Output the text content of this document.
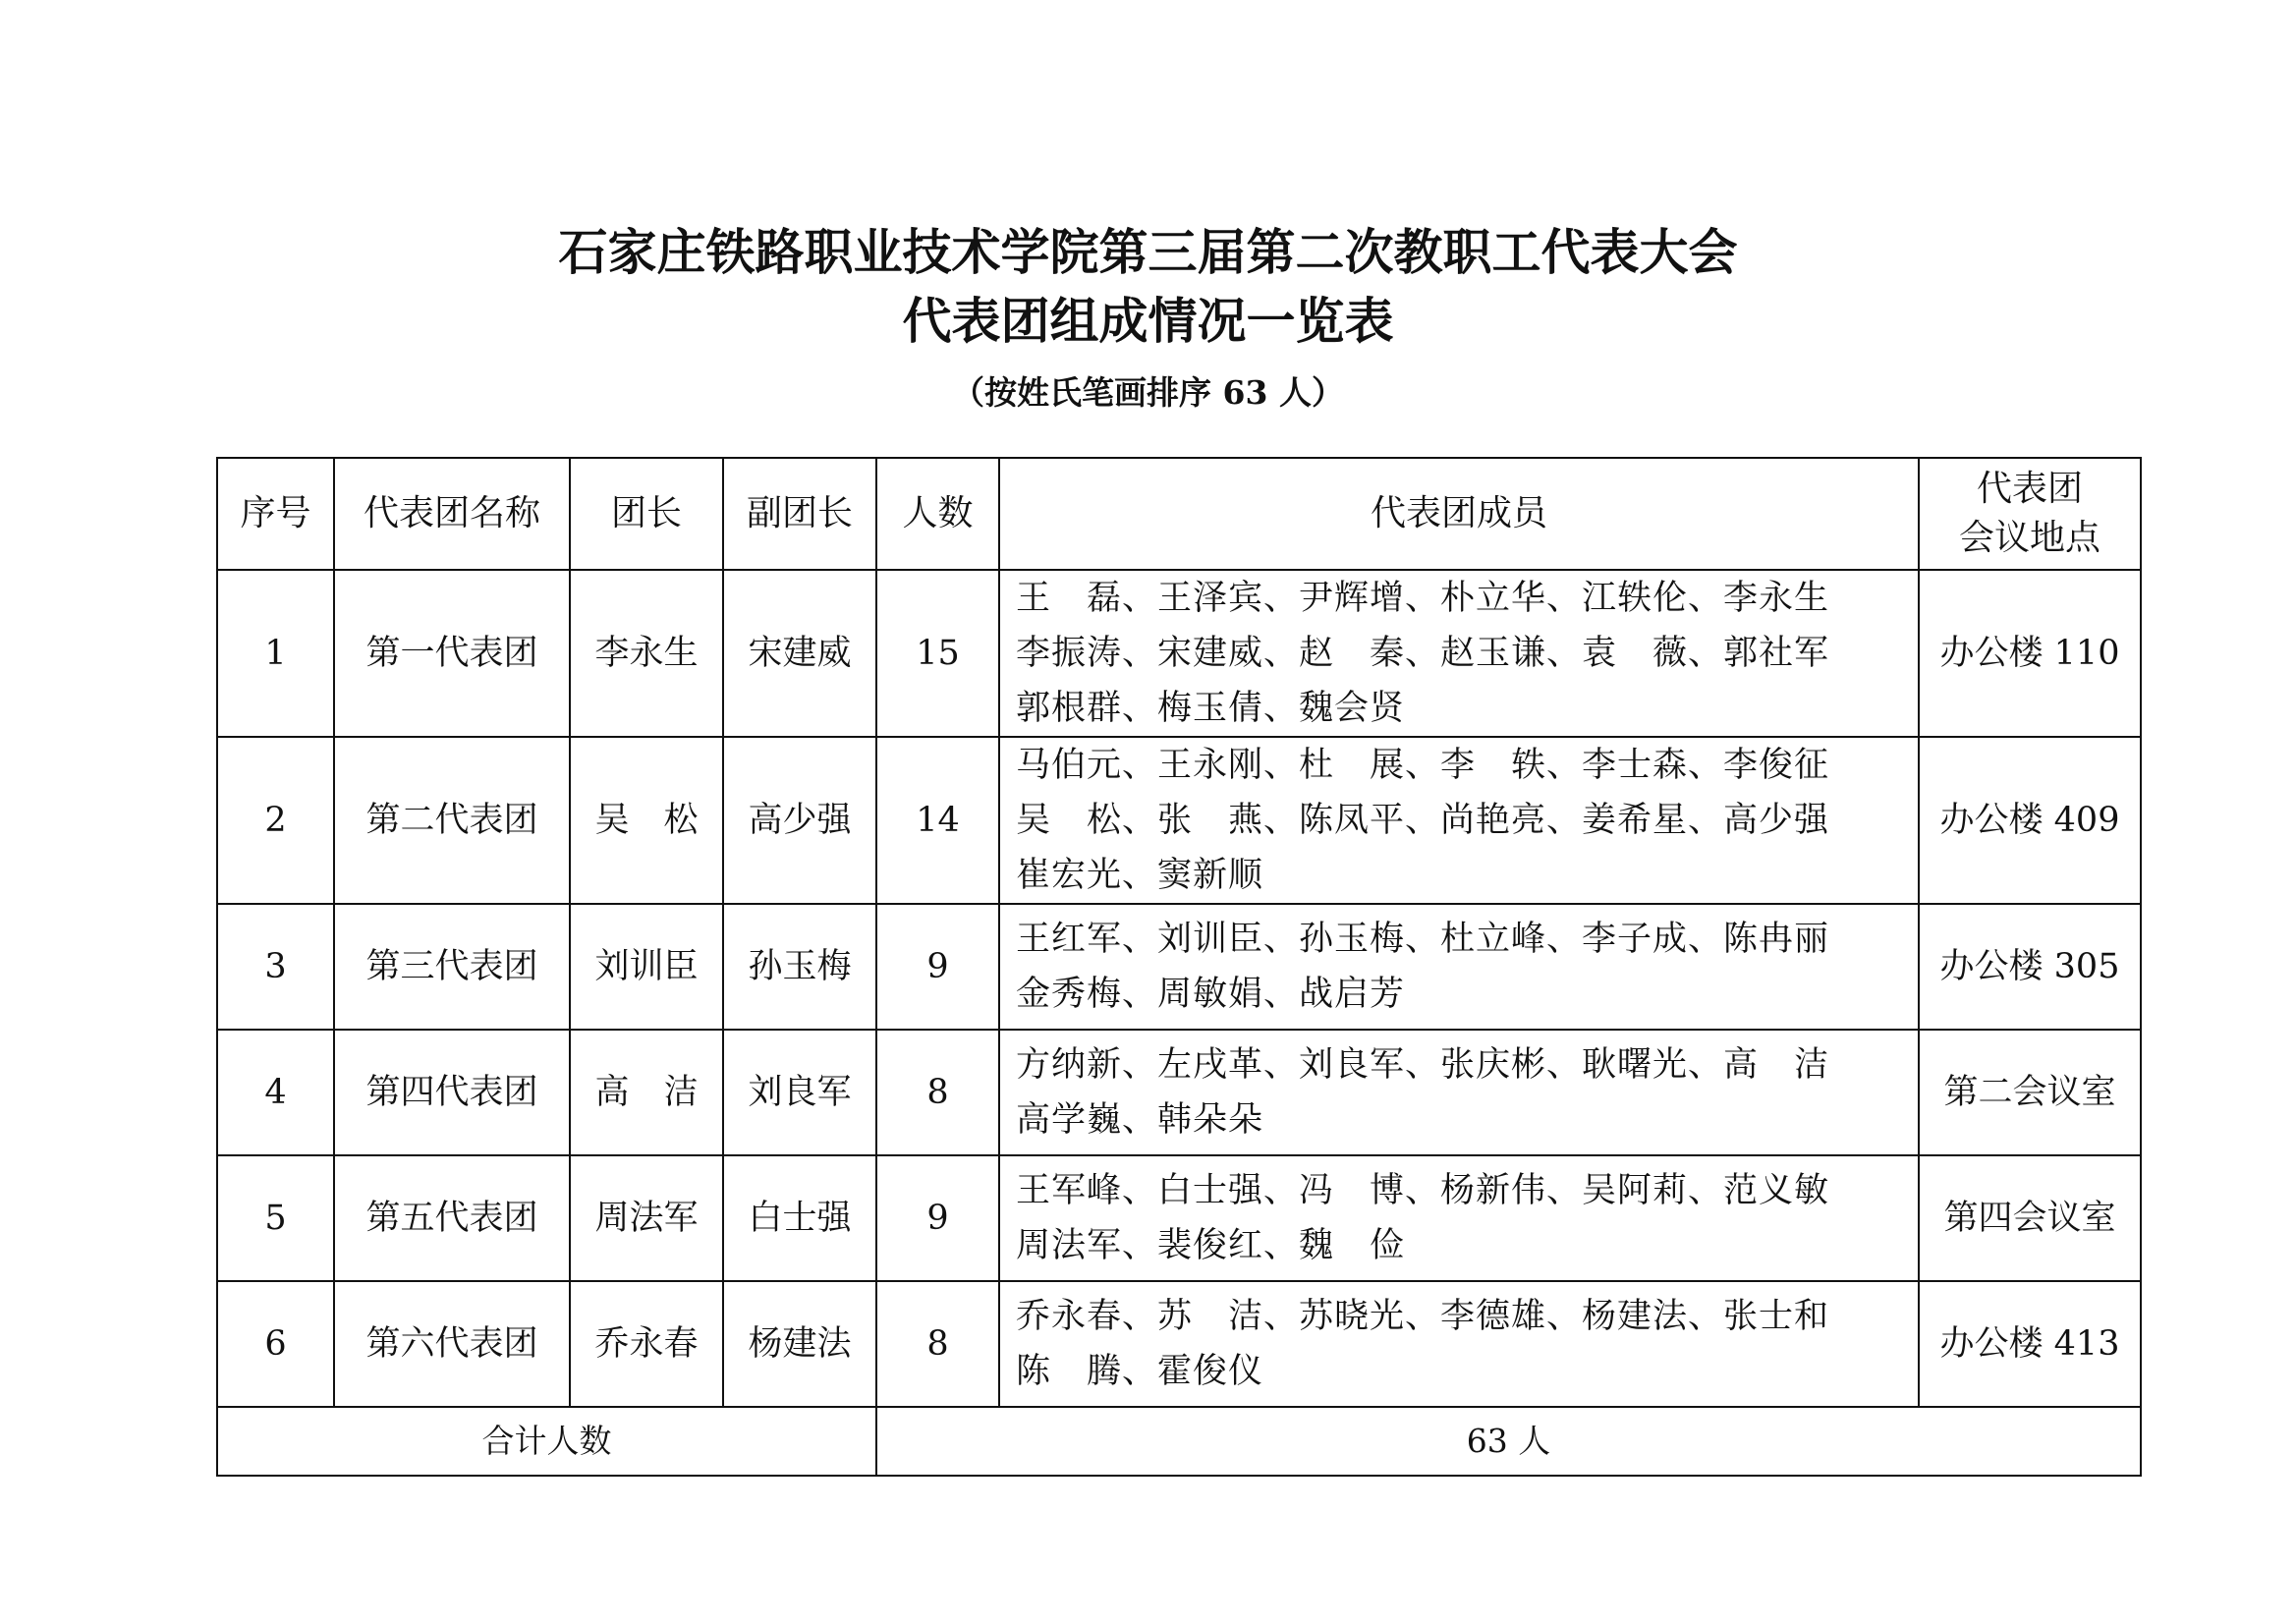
石家庄铁路职业技术学院第三届第二次教职工代表大会
代表团组成情况一览表
（按姓氏笔画排序 63 人）
序号	代表团名称	团长	副团长	人数	代表团成员	代表团
会议地点

1	第一代表团	李永生	宋建威	15	王　磊、王泽宾、尹辉增、朴立华、江轶伦、李永生
李振涛、宋建威、赵　秦、赵玉谦、袁　薇、郭社军
郭根群、梅玉倩、魏会贤	办公楼 110
2	第二代表团	吴　松	高少强	14	马伯元、王永刚、杜　展、李　轶、李士森、李俊征
吴　松、张　燕、陈凤平、尚艳亮、姜希星、高少强
崔宏光、窦新顺	办公楼 409
3	第三代表团	刘训臣	孙玉梅	9	王红军、刘训臣、孙玉梅、杜立峰、李子成、陈冉丽
金秀梅、周敏娟、战启芳	办公楼 305
4	第四代表团	高　洁	刘良军	8	方纳新、左戌革、刘良军、张庆彬、耿曙光、高　洁
高学巍、韩朵朵	第二会议室
5	第五代表团	周法军	白士强	9	王军峰、白士强、冯　博、杨新伟、吴阿莉、范义敏
周法军、裴俊红、魏　俭	第四会议室
6	第六代表团	乔永春	杨建法	8	乔永春、苏　洁、苏晓光、李德雄、杨建法、张士和
陈　腾、霍俊仪	办公楼 413
合计人数				63 人		
